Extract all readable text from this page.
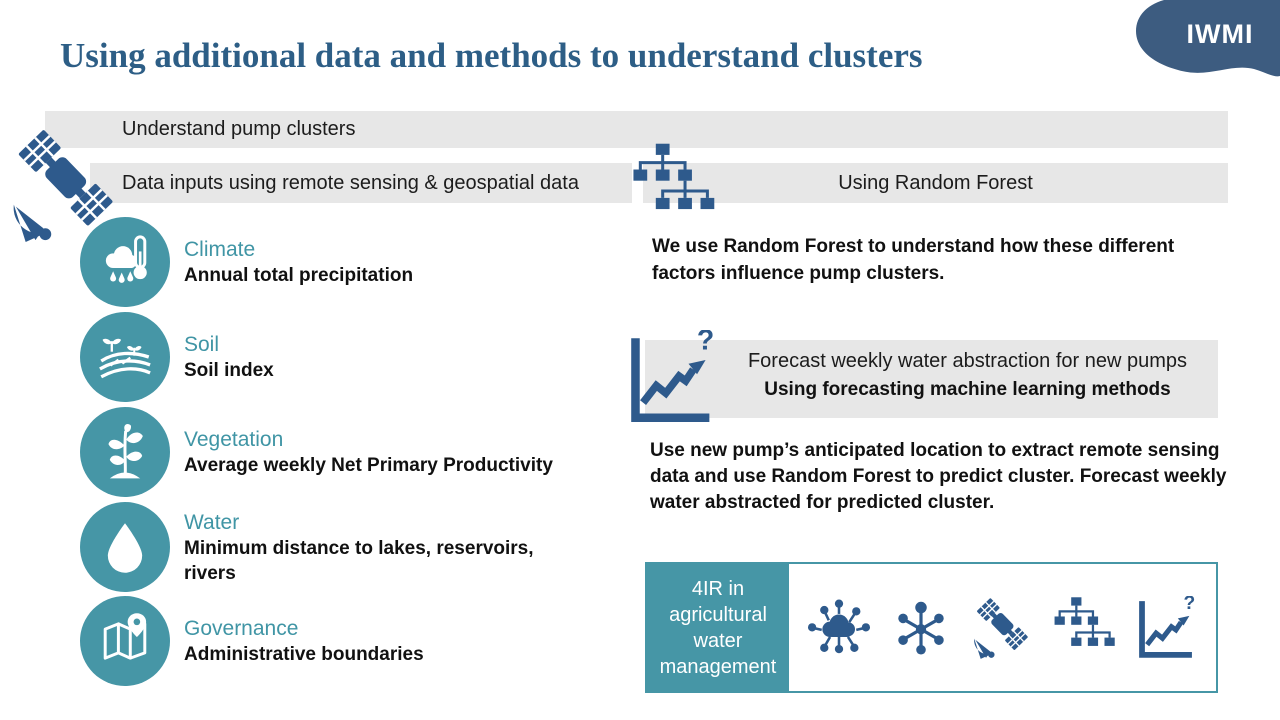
Using additional data and methods to understand clusters
IWMI
Understand pump clusters
Data inputs using remote sensing & geospatial data	Using Random Forest
We use Random Forest to understand how these different factors influence pump clusters.
Forecast weekly water abstraction for new pumps
Using forecasting machine learning methods
?
Use new pump’s anticipated location to extract remote sensing data and use Random Forest to predict cluster. Forecast weekly water abstracted for predicted cluster.
Climate
Annual total precipitation
Soil
Soil index
Vegetation
Average weekly Net Primary Productivity
Water
Minimum distance to lakes, reservoirs, rivers
Governance
Administrative boundaries
4IR in agricultural water management
?
